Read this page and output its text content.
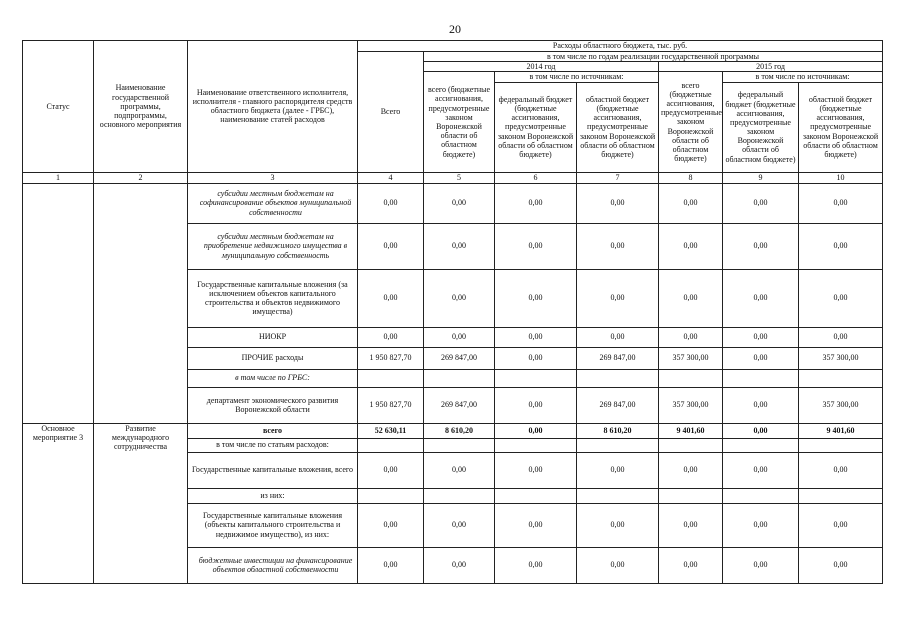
20
Статус	Наименование государственной программы, подпрограммы, основного мероприятия	Наименование ответственного исполнителя, исполнителя - главного распорядителя средств областного бюджета (далее - ГРБС), наименование статей расходов	Расходы областного бюджета, тыс. руб.						
			Всего	в том числе по годам реализации государственной программы					
				2014 год			2015 год		
				всего (бюджетные ассигнования, предусмотренные законом Воронежской области об областном бюджете)	в том числе по источникам:		всего (бюджетные ассигнования, предусмотренные законом Воронежской области об областном бюджете)	в том числе по источникам:	
					федеральный бюджет (бюджетные ассигнования, предусмотренные законом Воронежской области об областном бюджете)	областной бюджет (бюджетные ассигнования, предусмотренные законом Воронежской области об областном бюджете)		федеральный бюджет (бюджетные ассигнования, предусмотренные законом Воронежской области об областном бюджете)	областной бюджет (бюджетные ассигнования, предусмотренные законом Воронежской области об областном бюджете)
1	2	3	4	5	6	7	8	9	10
		субсидии местным бюджетам на софинансирование объектов муниципальной собственности	0,00	0,00	0,00	0,00	0,00	0,00	0,00
		субсидии местным бюджетам на приобретение недвижимого имущества в муниципальную собственность	0,00	0,00	0,00	0,00	0,00	0,00	0,00
		Государственные капитальные вложения (за исключением объектов капитального строительства и объектов недвижимого имущества)	0,00	0,00	0,00	0,00	0,00	0,00	0,00
		НИОКР	0,00	0,00	0,00	0,00	0,00	0,00	0,00
		ПРОЧИЕ расходы	1 950 827,70	269 847,00	0,00	269 847,00	357 300,00	0,00	357 300,00
		в том числе по ГРБС:							
		департамент экономического развития Воронежской области	1 950 827,70	269 847,00	0,00	269 847,00	357 300,00	0,00	357 300,00
Основное мероприятие 3	Развитие международного сотрудничества	всего	52 630,11	8 610,20	0,00	8 610,20	9 401,60	0,00	9 401,60
		в том числе по статьям расходов:							
		Государственные капитальные вложения, всего	0,00	0,00	0,00	0,00	0,00	0,00	0,00
		из них:							
		Государственные капитальные вложения (объекты капитального строительства и недвижимое имущество), из них:	0,00	0,00	0,00	0,00	0,00	0,00	0,00
		бюджетные инвестиции на финансирование объектов областной собственности	0,00	0,00	0,00	0,00	0,00	0,00	0,00
